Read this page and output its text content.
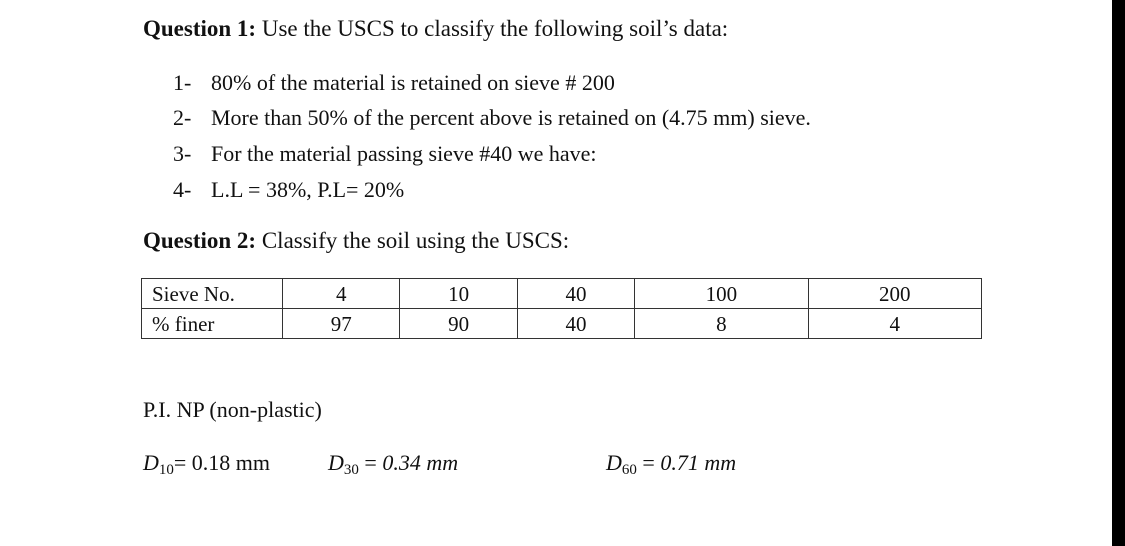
Question 1: Use the USCS to classify the following soil’s data:
1- 80% of the material is retained on sieve # 200
2- More than 50% of the percent above is retained on (4.75 mm) sieve.
3- For the material passing sieve #40 we have:
4- L.L = 38%, P.L= 20%
Question 2: Classify the soil using the USCS:
Sieve No.	4	10	40	100	200
% finer	97	90	40	8	4
P.I. NP (non-plastic)
$D_{10}= 0.18$ mm	$D_{30} = 0.34$ mm	$D_{60} = 0.71$ mm
